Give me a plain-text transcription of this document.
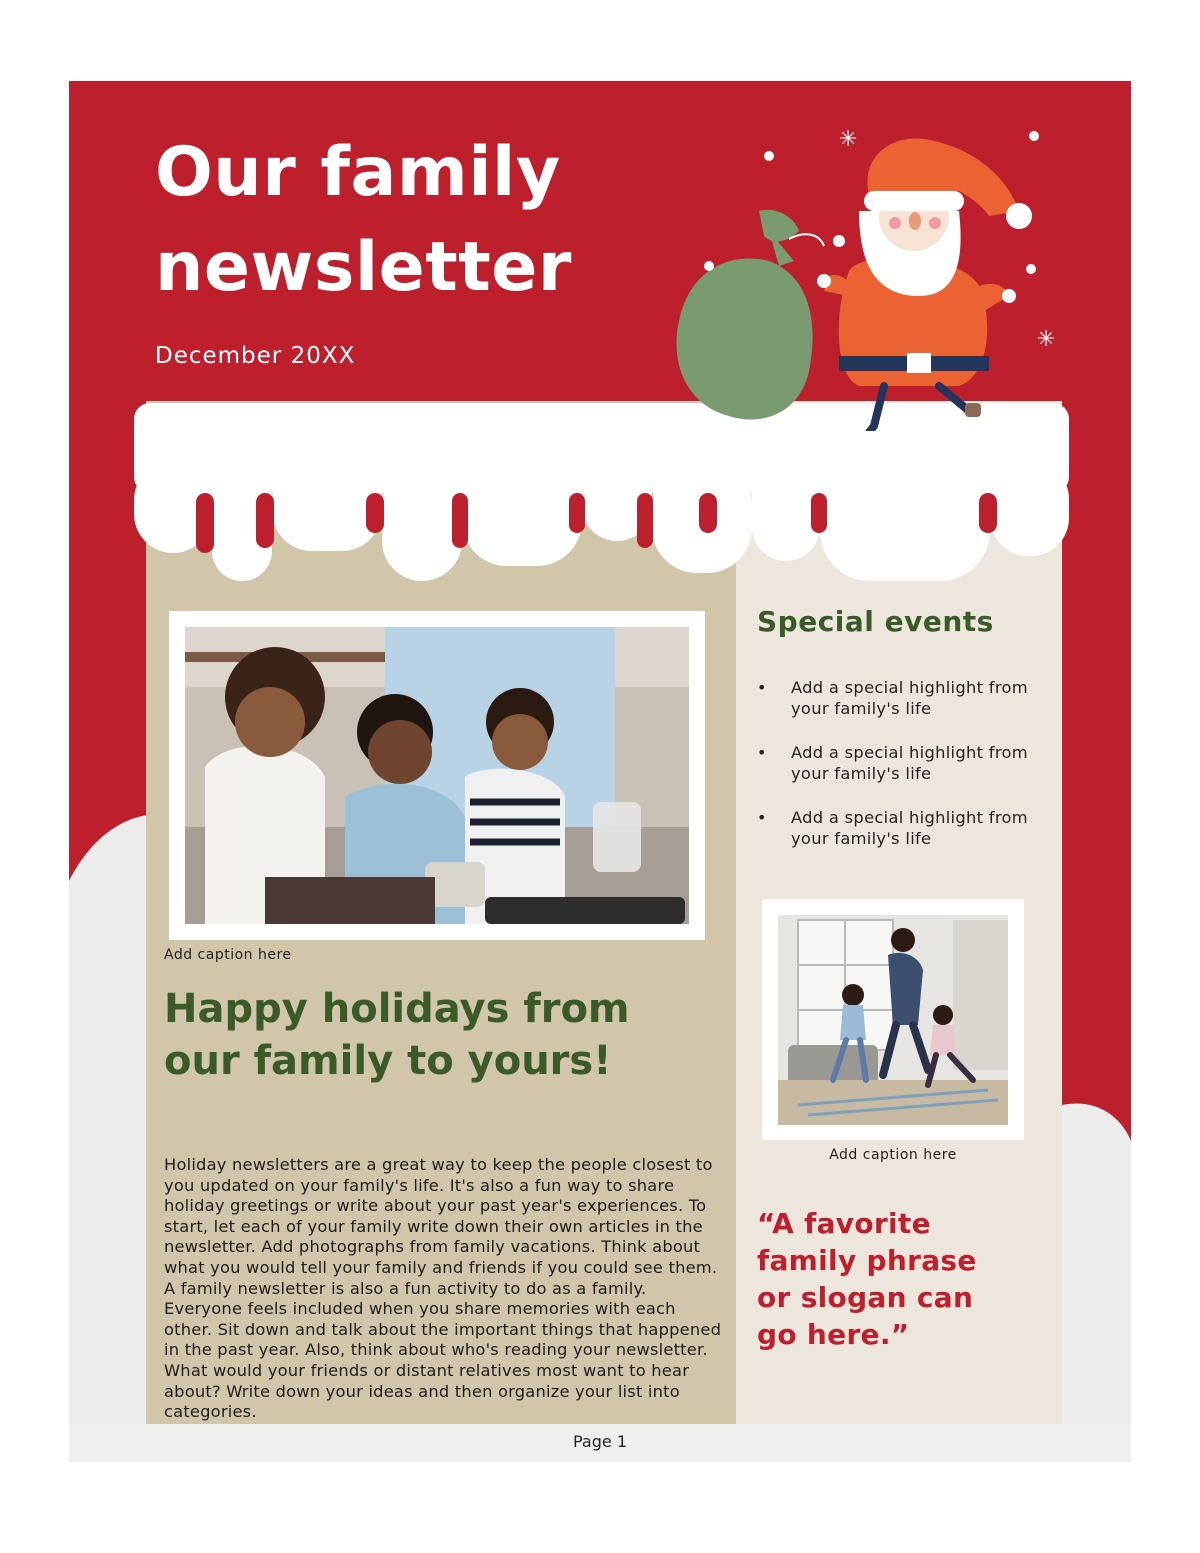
✳
✳
Our family
newsletter
December 20XX
Add caption here
Happy holidays from
our family to yours!

Holiday newsletters are a great way to keep the people closest to you updated on your family's life. It's also a fun way to share holiday greetings or write about your past year's experiences. To start, let each of your family write down their own articles in the newsletter. Add photographs from family vacations. Think about what you would tell your family and friends if you could see them. A family newsletter is also a fun activity to do as a family. Everyone feels included when you share memories with each other. Sit down and talk about the important things that happened in the past year. Also, think about who's reading your newsletter. What would your friends or distant relatives most want to hear about? Write down your ideas and then organize your list into categories.

Special events
• Add a special highlight from your family's life
• Add a special highlight from your family's life
• Add a special highlight from your family's life
Add caption here

“A favorite
family phrase
or slogan can
go here.”

Page 1
